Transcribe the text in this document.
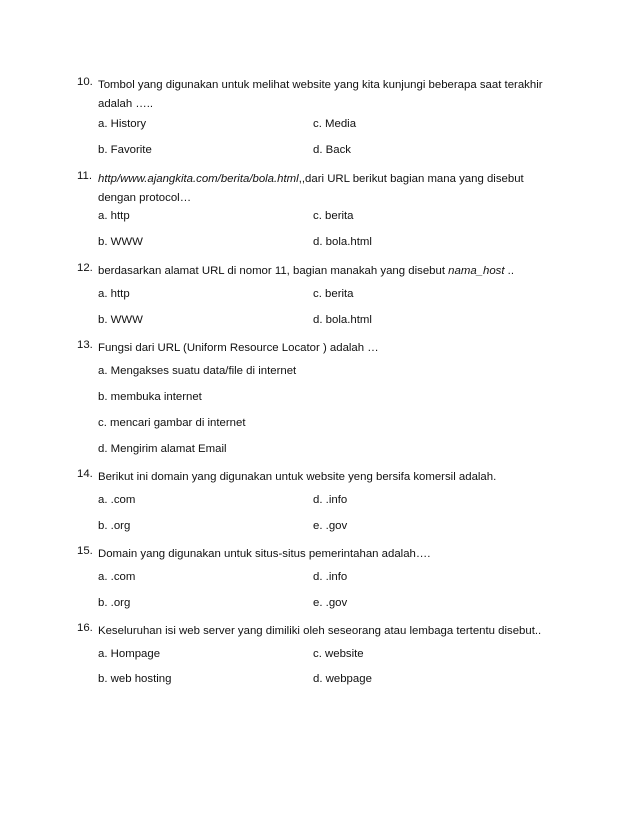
10. Tombol yang digunakan untuk melihat website yang kita kunjungi beberapa saat terakhir adalah …..
a. History	c. Media
b. Favorite	d. Back
11. http/www.ajangkita.com/berita/bola.html,,dari URL berikut bagian mana yang disebut dengan protocol…
a. http	c. berita
b. WWW	d. bola.html
12. berdasarkan alamat URL di nomor 11, bagian manakah yang disebut nama_host ..
a. http	c. berita
b. WWW	d. bola.html
13. Fungsi dari URL (Uniform Resource Locator ) adalah …
a. Mengakses suatu data/file di internet
b. membuka internet
c. mencari gambar di internet
d. Mengirim alamat Email
14. Berikut ini domain yang digunakan untuk website yeng bersifa komersil adalah.
a. .com	d. .info
b. .org	e. .gov
15. Domain yang digunakan untuk situs-situs pemerintahan adalah….
a. .com	d. .info
b. .org	e. .gov
16. Keseluruhan isi web server yang dimiliki oleh seseorang atau lembaga tertentu disebut..
a. Hompage	c. website
b. web hosting	d. webpage
